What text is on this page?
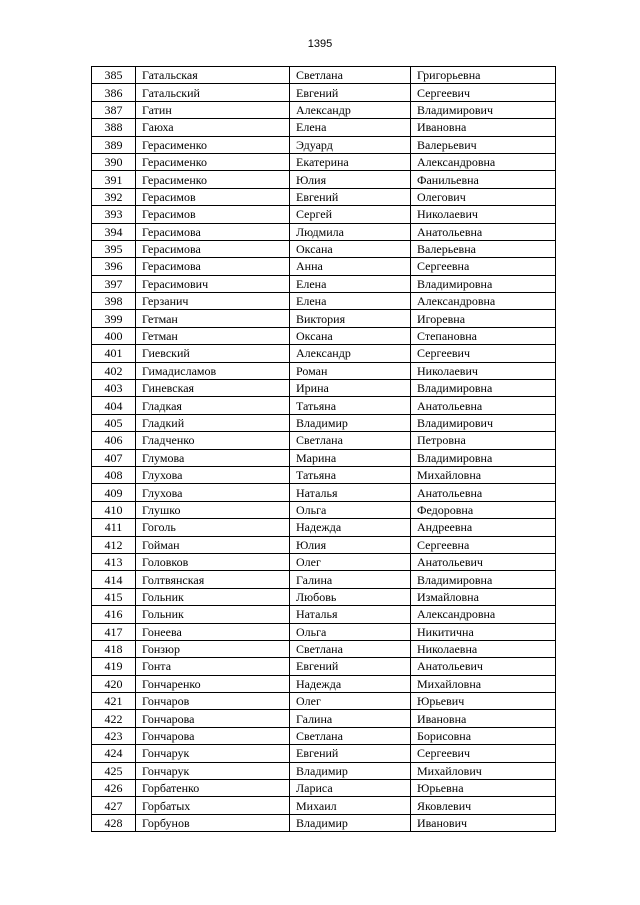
1395
385	Гатальская	Светлана	Григорьевна
386	Гатальский	Евгений	Сергеевич
387	Гатин	Александр	Владимирович
388	Гаюха	Елена	Ивановна
389	Герасименко	Эдуард	Валерьевич
390	Герасименко	Екатерина	Александровна
391	Герасименко	Юлия	Фанильевна
392	Герасимов	Евгений	Олегович
393	Герасимов	Сергей	Николаевич
394	Герасимова	Людмила	Анатольевна
395	Герасимова	Оксана	Валерьевна
396	Герасимова	Анна	Сергеевна
397	Герасимович	Елена	Владимировна
398	Герзанич	Елена	Александровна
399	Гетман	Виктория	Игоревна
400	Гетман	Оксана	Степановна
401	Гиевский	Александр	Сергеевич
402	Гимадисламов	Роман	Николаевич
403	Гиневская	Ирина	Владимировна
404	Гладкая	Татьяна	Анатольевна
405	Гладкий	Владимир	Владимирович
406	Гладченко	Светлана	Петровна
407	Глумова	Марина	Владимировна
408	Глухова	Татьяна	Михайловна
409	Глухова	Наталья	Анатольевна
410	Глушко	Ольга	Федоровна
411	Гоголь	Надежда	Андреевна
412	Гойман	Юлия	Сергеевна
413	Головков	Олег	Анатольевич
414	Голтвянская	Галина	Владимировна
415	Гольник	Любовь	Измайловна
416	Гольник	Наталья	Александровна
417	Гонеева	Ольга	Никитична
418	Гонзюр	Светлана	Николаевна
419	Гонта	Евгений	Анатольевич
420	Гончаренко	Надежда	Михайловна
421	Гончаров	Олег	Юрьевич
422	Гончарова	Галина	Ивановна
423	Гончарова	Светлана	Борисовна
424	Гончарук	Евгений	Сергеевич
425	Гончарук	Владимир	Михайлович
426	Горбатенко	Лариса	Юрьевна
427	Горбатых	Михаил	Яковлевич
428	Горбунов	Владимир	Иванович
